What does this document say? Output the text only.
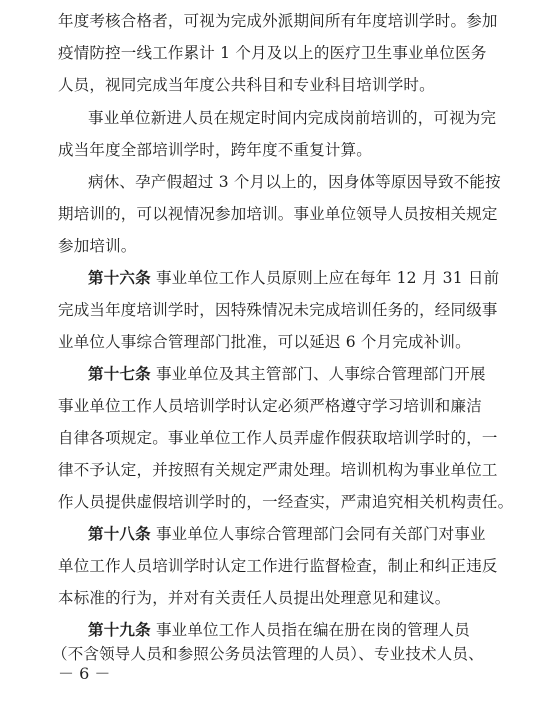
年度考核合格者，可视为完成外派期间所有年度培训学时。参加
疫情防控一线工作累计 1 个月及以上的医疗卫生事业单位医务
人员，视同完成当年度公共科目和专业科目培训学时。
事业单位新进人员在规定时间内完成岗前培训的，可视为完
成当年度全部培训学时，跨年度不重复计算。
病休、孕产假超过 3 个月以上的，因身体等原因导致不能按
期培训的，可以视情况参加培训。事业单位领导人员按相关规定
参加培训。
第十六条 事业单位工作人员原则上应在每年 12 月 31 日前
完成当年度培训学时，因特殊情况未完成培训任务的，经同级事
业单位人事综合管理部门批准，可以延迟 6 个月完成补训。
第十七条 事业单位及其主管部门、人事综合管理部门开展
事业单位工作人员培训学时认定必须严格遵守学习培训和廉洁
自律各项规定。事业单位工作人员弄虚作假获取培训学时的，一
律不予认定，并按照有关规定严肃处理。培训机构为事业单位工
作人员提供虚假培训学时的，一经查实，严肃追究相关机构责任。
第十八条 事业单位人事综合管理部门会同有关部门对事业
单位工作人员培训学时认定工作进行监督检查，制止和纠正违反
本标准的行为，并对有关责任人员提出处理意见和建议。
第十九条 事业单位工作人员指在编在册在岗的管理人员
（不含领导人员和参照公务员法管理的人员）、专业技术人员、
－ 6 －
